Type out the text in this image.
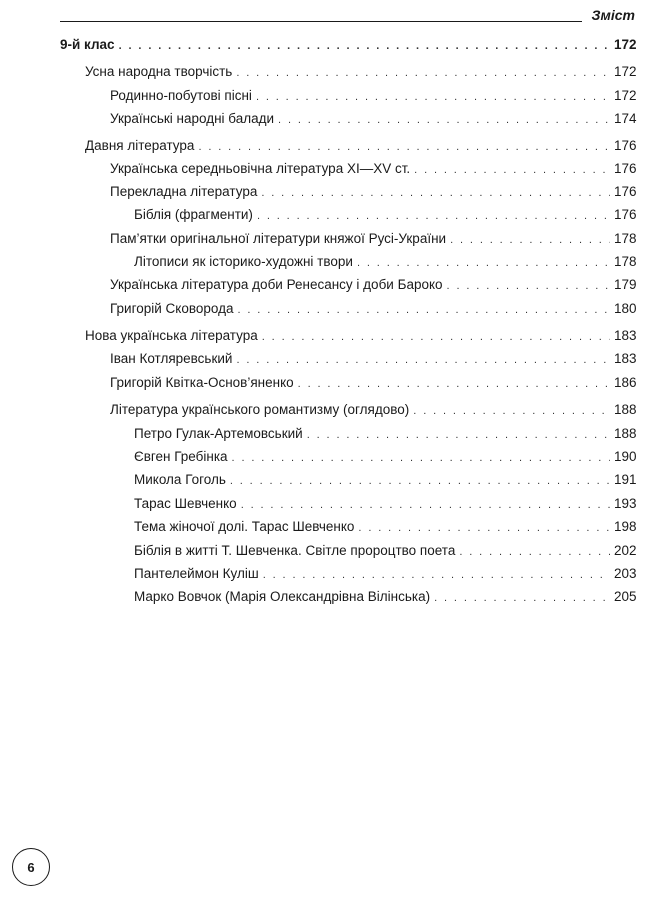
Зміст
9-й клас . . .	172
Усна народна творчість . . .	172
Родинно-побутові пісні . . .	172
Українські народні балади . . .	174
Давня література . . .	176
Українська середньовічна література XI—XV ст. . . .	176
Перекладна література . . .	176
Біблія (фрагменти) . . .	176
Пам’ятки оригінальної літератури княжої Русі-України . . .	178
Літописи як історико-художні твори . . .	178
Українська література доби Ренесансу і доби Бароко . . .	179
Григорій Сковорода . . .	180
Нова українська література . . .	183
Іван Котляревський . . .	183
Григорій Квітка-Основ’яненко . . .	186
Література українського романтизму (оглядово) . . .	188
Петро Гулак-Артемовський . . .	188
Євген Гребінка . . .	190
Микола Гоголь . . .	191
Тарас Шевченко . . .	193
Тема жіночої долі. Тарас Шевченко . . .	198
Біблія в житті Т. Шевченка. Світле пророцтво поета . . .	202
Пантелеймон Куліш . . .	203
Марко Вовчок (Марія Олександрівна Вілінська) . . .	205
6
